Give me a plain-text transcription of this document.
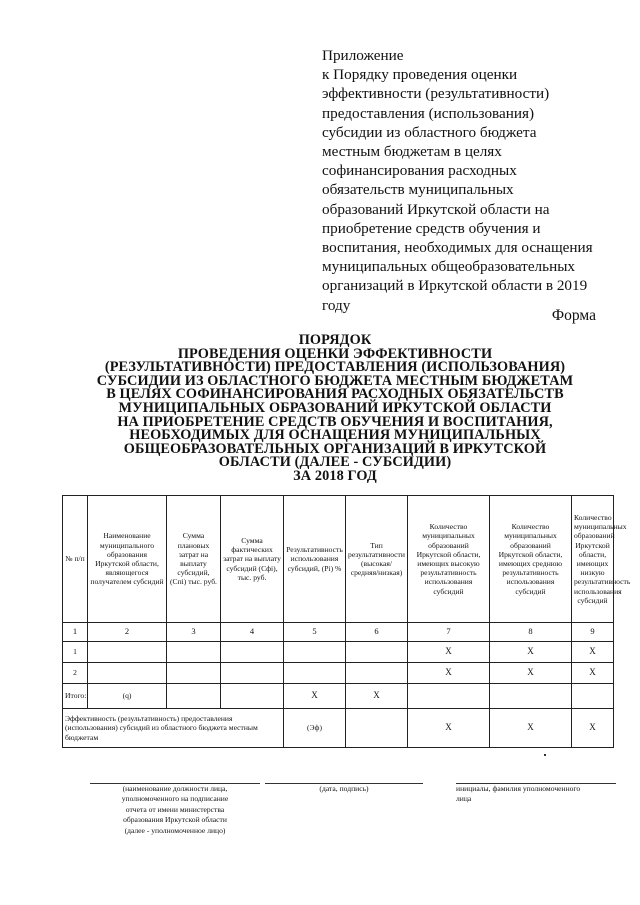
Приложение
к Порядку проведения оценки
эффективности (результативности)
предоставления (использования)
субсидии из областного бюджета
местным бюджетам в целях
софинансирования расходных
обязательств муниципальных
образований Иркутской области на
приобретение средств обучения и
воспитания, необходимых для оснащения
муниципальных общеобразовательных
организаций в Иркутской области в 2019
году
Форма
ПОРЯДОК
ПРОВЕДЕНИЯ ОЦЕНКИ ЭФФЕКТИВНОСТИ
(РЕЗУЛЬТАТИВНОСТИ) ПРЕДОСТАВЛЕНИЯ (ИСПОЛЬЗОВАНИЯ)
СУБСИДИИ ИЗ ОБЛАСТНОГО БЮДЖЕТА МЕСТНЫМ БЮДЖЕТАМ
В ЦЕЛЯХ СОФИНАНСИРОВАНИЯ РАСХОДНЫХ ОБЯЗАТЕЛЬСТВ
МУНИЦИПАЛЬНЫХ ОБРАЗОВАНИЙ ИРКУТСКОЙ ОБЛАСТИ
НА ПРИОБРЕТЕНИЕ СРЕДСТВ ОБУЧЕНИЯ И ВОСПИТАНИЯ,
НЕОБХОДИМЫХ ДЛЯ ОСНАЩЕНИЯ МУНИЦИПАЛЬНЫХ
ОБЩЕОБРАЗОВАТЕЛЬНЫХ ОРГАНИЗАЦИЙ В ИРКУТСКОЙ
ОБЛАСТИ (ДАЛЕЕ - СУБСИДИИ)
ЗА 2018 ГОД
№ п/п	Наименование муниципального образования Иркутской области, являющегося получателем субсидий	Сумма плановых затрат на выплату субсидий, (Спi) тыс. руб.	Сумма фактических затрат на выплату субсидий (Сфi), тыс. руб.	Результативность использования субсидий, (Pi) %	Тип результативности (высокая/средняя/низкая)	Количество муниципальных образований Иркутской области, имеющих высокую результативность использования субсидий	Количество муниципальных образований Иркутской области, имеющих среднюю результативность использования субсидий	Количество муниципальных образований Иркутской области, имеющих низкую результативность использования субсидий
1	2	3	4	5	6	7	8	9
1						X	X	X
2						X	X	X
Итого:	(q)			X	X			
Эффективность (результативность) предоставления (использования) субсидий из областного бюджета местным бюджетам				(Эф)		X	X	X
(наименование должности лица,
уполномоченного на подписание
отчета от имени министерства
образования Иркутской области
(далее - уполномоченное лицо)
(дата, подпись)	инициалы, фамилия уполномоченного
лица
